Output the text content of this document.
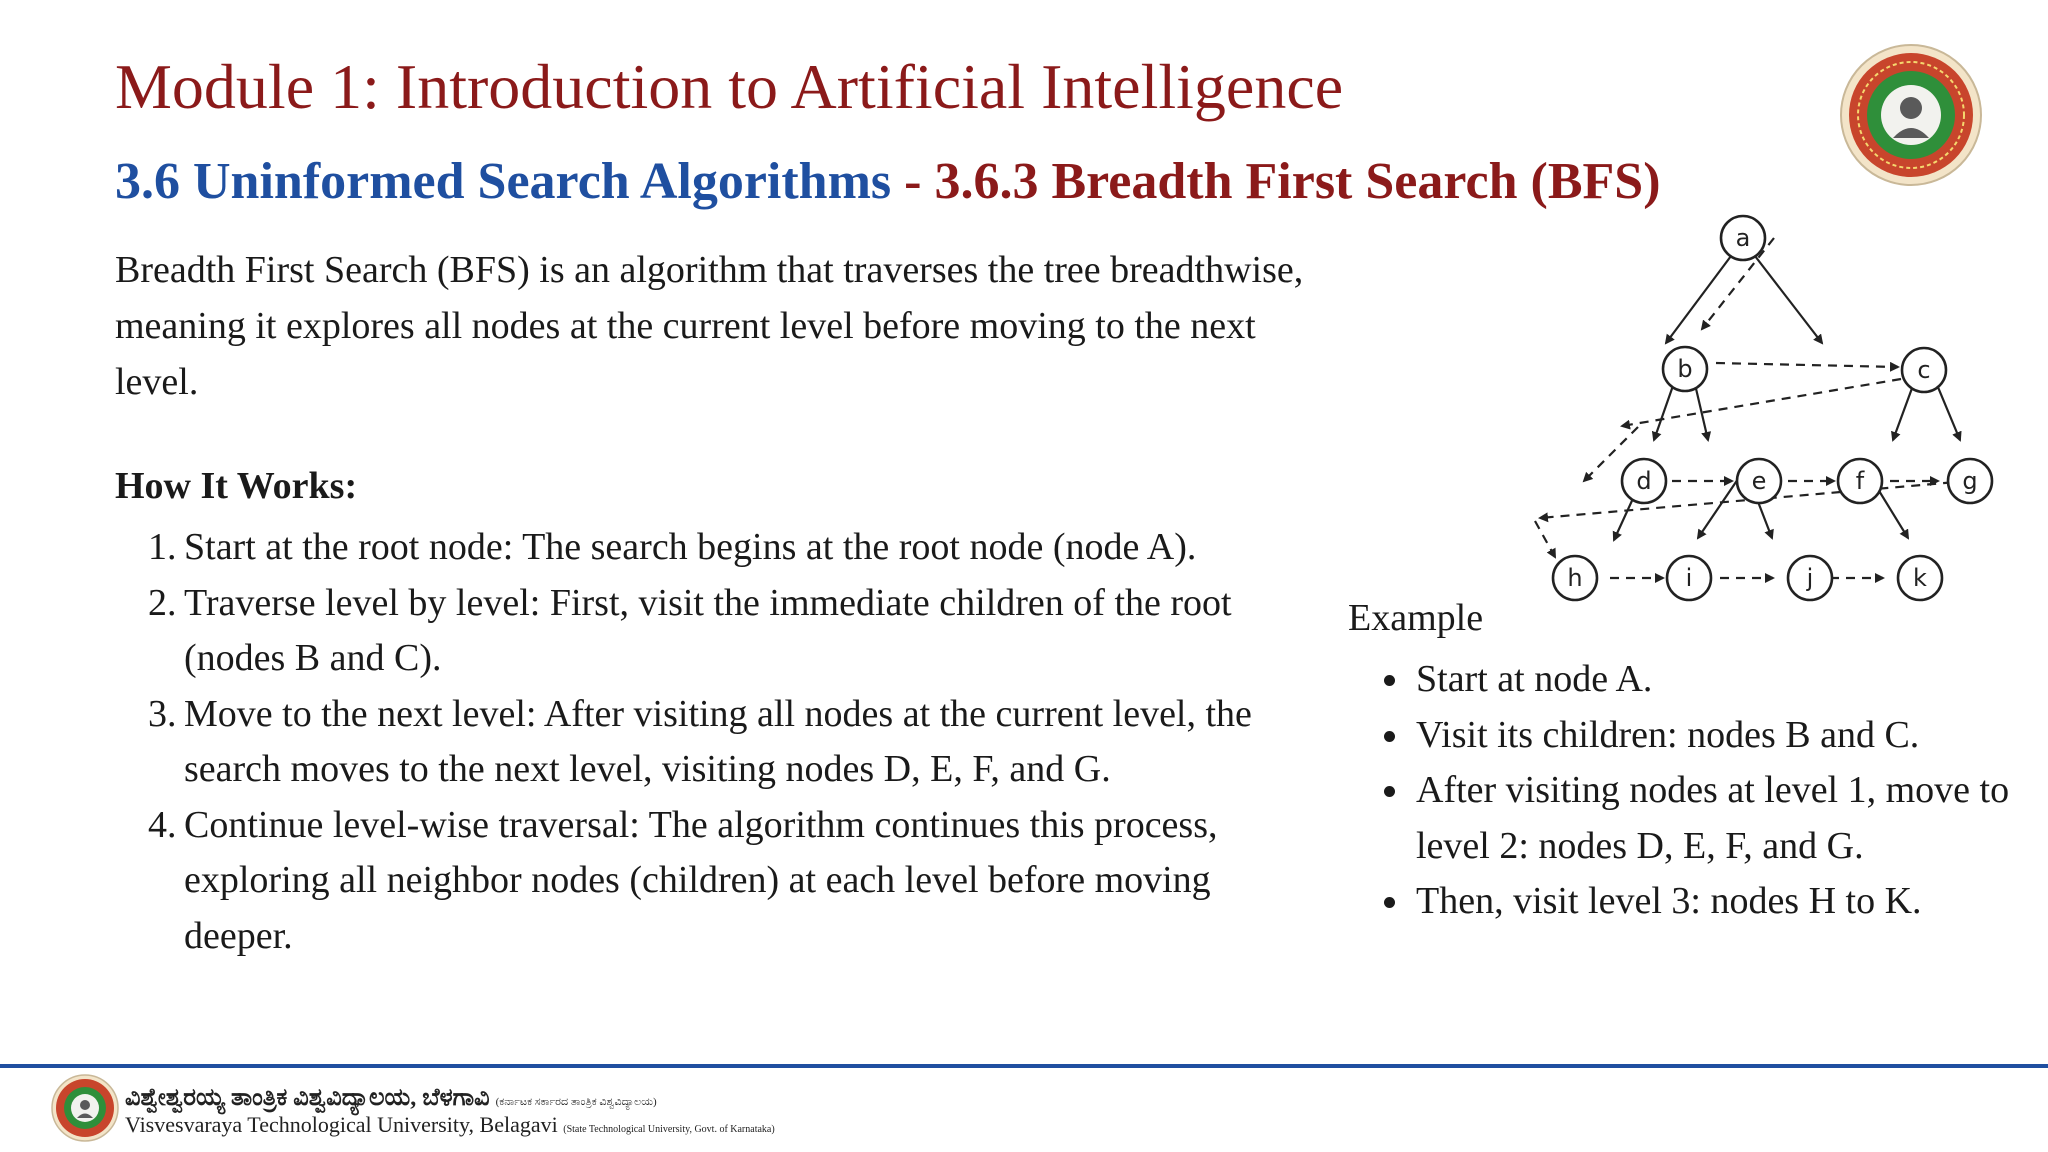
Module 1: Introduction to Artificial Intelligence
3.6 Uninformed Search Algorithms - 3.6.3 Breadth First Search (BFS)
Breadth First Search (BFS) is an algorithm that traverses the tree breadthwise, meaning it explores all nodes at the current level before moving to the next level.
How It Works:
1. Start at the root node: The search begins at the root node (node A).
2. Traverse level by level: First, visit the immediate children of the root (nodes B and C).
3. Move to the next level: After visiting all nodes at the current level, the search moves to the next level, visiting nodes D, E, F, and G.
4. Continue level-wise traversal: The algorithm continues this process, exploring all neighbor nodes (children) at each level before moving deeper.
a
b	c
d	e	f	g
h	i	j	k
Example
Start at node A.
Visit its children: nodes B and C.
After visiting nodes at level 1, move to level 2: nodes D, E, F, and G.
Then, visit level 3: nodes H to K.
ವಿಶ್ವೇಶ್ವರಯ್ಯ ತಾಂತ್ರಿಕ ವಿಶ್ವವಿದ್ಯಾಲಯ, ಬೆಳಗಾವಿ (ಕರ್ನಾಟಕ ಸರ್ಕಾರದ ತಾಂತ್ರಿಕ ವಿಶ್ವವಿದ್ಯಾಲಯ)
Visvesvaraya Technological University, Belagavi (State Technological University, Govt. of Karnataka)
